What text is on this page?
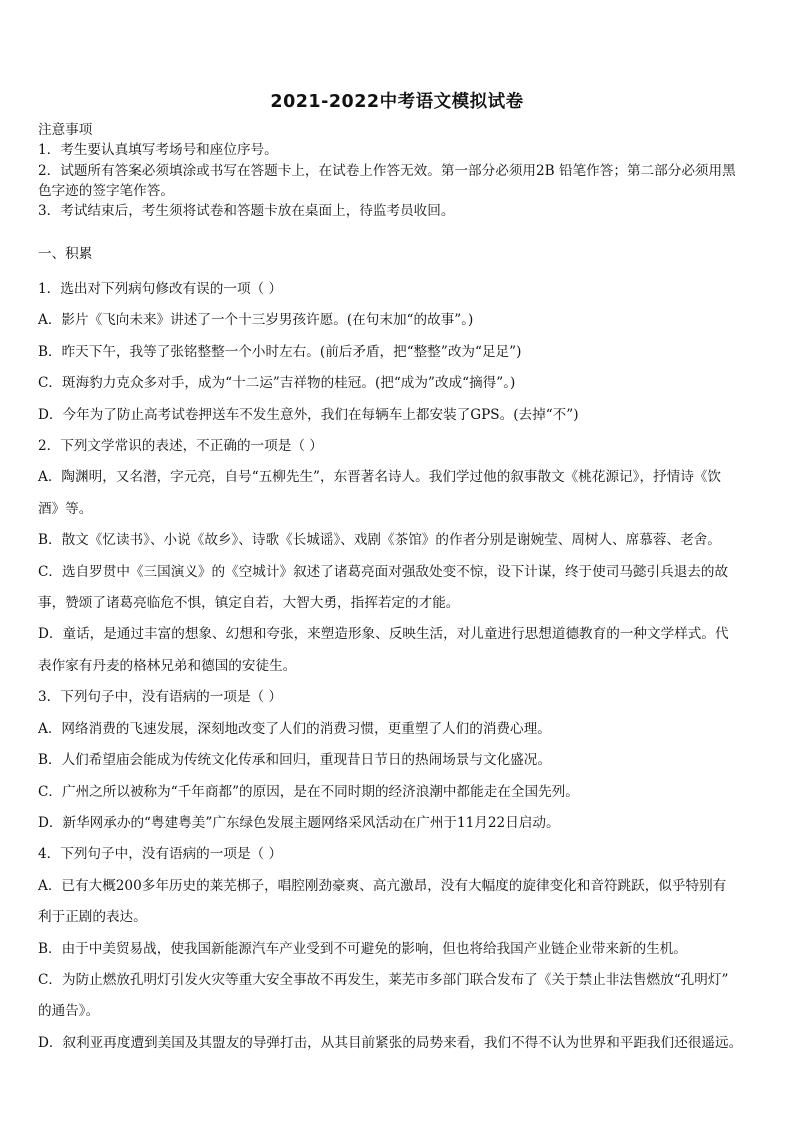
2021-2022中考语文模拟试卷

注意事项

1．考生要认真填写考场号和座位序号。

2．试题所有答案必须填涂或书写在答题卡上，在试卷上作答无效。第一部分必须用2B 铅笔作答；第二部分必须用黑

色字迹的签字笔作答。

3．考试结束后，考生须将试卷和答题卡放在桌面上，待监考员收回。

一、积累

1．选出对下列病句修改有误的一项（ ）

A．影片《飞向未来》讲述了一个十三岁男孩许愿。(在句末加“的故事”。)

B．昨天下午，我等了张铭整整一个小时左右。(前后矛盾，把“整整”改为“足足”)

C．斑海豹力克众多对手，成为“十二运”吉祥物的桂冠。(把“成为”改成“摘得”。)

D．今年为了防止高考试卷押送车不发生意外，我们在每辆车上都安装了GPS。(去掉“不”)

2．下列文学常识的表述，不正确的一项是（ ）

A．陶渊明，又名潜，字元亮，自号“五柳先生”，东晋著名诗人。我们学过他的叙事散文《桃花源记》，抒情诗《饮

酒》等。

B．散文《忆读书》、小说《故乡》、诗歌《长城谣》、戏剧《茶馆》的作者分别是谢婉莹、周树人、席慕蓉、老舍。

C．选自罗贯中《三国演义》的《空城计》叙述了诸葛亮面对强敌处变不惊，设下计谋，终于使司马懿引兵退去的故

事，赞颂了诸葛亮临危不惧，镇定自若，大智大勇，指挥若定的才能。

D．童话，是通过丰富的想象、幻想和夸张，来塑造形象、反映生活，对儿童进行思想道德教育的一种文学样式。代

表作家有丹麦的格林兄弟和德国的安徒生。

3．下列句子中，没有语病的一项是（ ）

A．网络消费的飞速发展，深刻地改变了人们的消费习惯，更重塑了人们的消费心理。

B．人们希望庙会能成为传统文化传承和回归，重现昔日节日的热闹场景与文化盛况。

C．广州之所以被称为“千年商都”的原因，是在不同时期的经济浪潮中都能走在全国先列。

D．新华网承办的“粤建粤美”广东绿色发展主题网络采风活动在广州于11月22日启动。

4．下列句子中，没有语病的一项是（ ）

A．已有大概200多年历史的莱芜梆子，唱腔刚劲豪爽、高亢激昂，没有大幅度的旋律变化和音符跳跃，似乎特别有

利于正剧的表达。

B．由于中美贸易战，使我国新能源汽车产业受到不可避免的影响，但也将给我国产业链企业带来新的生机。

C．为防止燃放孔明灯引发火灾等重大安全事故不再发生，莱芜市多部门联合发布了《关于禁止非法售燃放“孔明灯”

的通告》。

D．叙利亚再度遭到美国及其盟友的导弹打击，从其目前紧张的局势来看，我们不得不认为世界和平距我们还很遥远。
